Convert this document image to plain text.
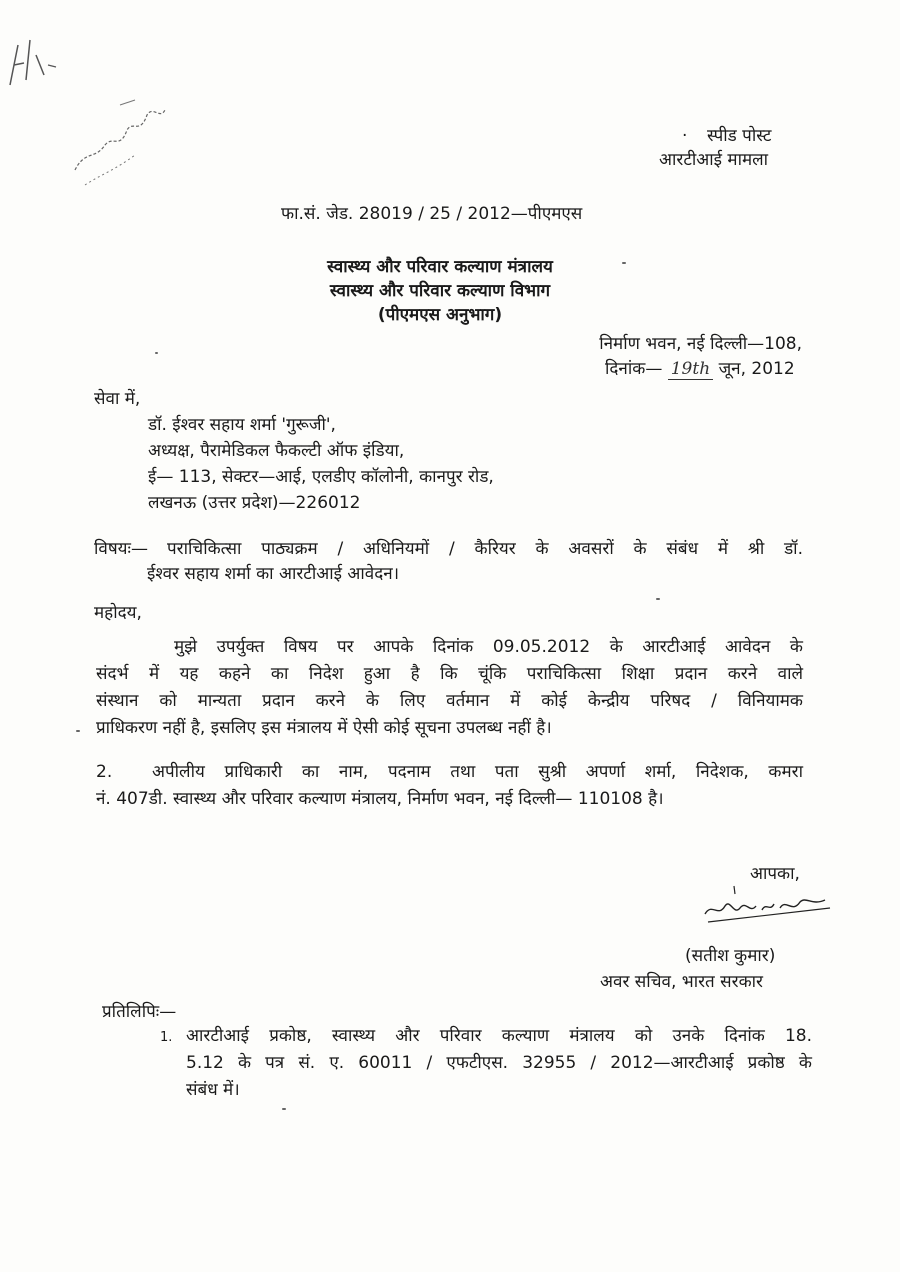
· स्पीड पोस्ट
आरटीआई मामला
फा.सं. जेड. 28019 / 25 / 2012—पीएमएस
स्वास्थ्य और परिवार कल्याण मंत्रालय
स्वास्थ्य और परिवार कल्याण विभाग
(पीएमएस अनुभाग)
निर्माण भवन, नई दिल्ली—108,
दिनांक— 19th जून, 2012
सेवा में,
डॉ. ईश्वर सहाय शर्मा 'गुरूजी',
अध्यक्ष, पैरामेडिकल फैकल्टी ऑफ इंडिया,
ई— 113, सेक्टर—आई, एलडीए कॉलोनी, कानपुर रोड,
लखनऊ (उत्तर प्रदेश)—226012
विषयः— पराचिकित्सा पाठ्यक्रम / अधिनियमों / कैरियर के अवसरों के संबंध में श्री डॉ.
ईश्वर सहाय शर्मा का आरटीआई आवेदन।
महोदय,
मुझे उपर्युक्त विषय पर आपके दिनांक 09.05.2012 के आरटीआई आवेदन के
संदर्भ में यह कहने का निदेश हुआ है कि चूंकि पराचिकित्सा शिक्षा प्रदान करने वाले
संस्थान को मान्यता प्रदान करने के लिए वर्तमान में कोई केन्द्रीय परिषद / विनियामक
प्राधिकरण नहीं है, इसलिए इस मंत्रालय में ऐसी कोई सूचना उपलब्ध नहीं है।
2. अपीलीय प्राधिकारी का नाम, पदनाम तथा पता सुश्री अपर्णा शर्मा, निदेशक, कमरा
नं. 407डी. स्वास्थ्य और परिवार कल्याण मंत्रालय, निर्माण भवन, नई दिल्ली— 110108 है।
आपका,
(सतीश कुमार)
अवर सचिव, भारत सरकार
प्रतिलिपिः—
1. आरटीआई प्रकोष्ठ, स्वास्थ्य और परिवार कल्याण मंत्रालय को उनके दिनांक 18.
5.12 के पत्र सं. ए. 60011 / एफटीएस. 32955 / 2012—आरटीआई प्रकोष्ठ के
संबंध में।
